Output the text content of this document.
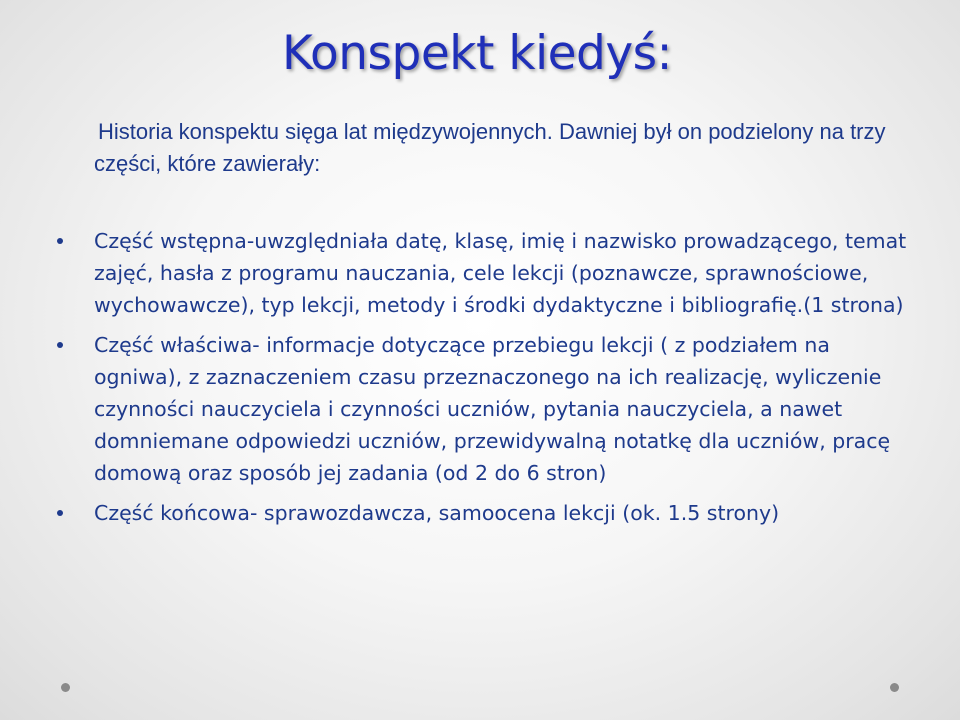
Konspekt kiedyś:

Historia konspektu sięga lat międzywojennych. Dawniej był on podzielony na trzy części, które zawierały:

Część wstępna-uwzględniała datę, klasę, imię i nazwisko prowadzącego, temat zajęć, hasła z programu nauczania, cele lekcji (poznawcze, sprawnościowe, wychowawcze), typ lekcji, metody i środki dydaktyczne i bibliografię.(1 strona)
Część właściwa- informacje dotyczące przebiegu lekcji ( z podziałem na ogniwa), z zaznaczeniem czasu przeznaczonego na ich realizację, wyliczenie czynności nauczyciela i czynności uczniów, pytania nauczyciela, a nawet domniemane odpowiedzi uczniów, przewidywalną notatkę dla uczniów, pracę domową oraz sposób jej zadania (od 2 do 6 stron)
Część końcowa- sprawozdawcza, samoocena lekcji (ok. 1.5 strony)
